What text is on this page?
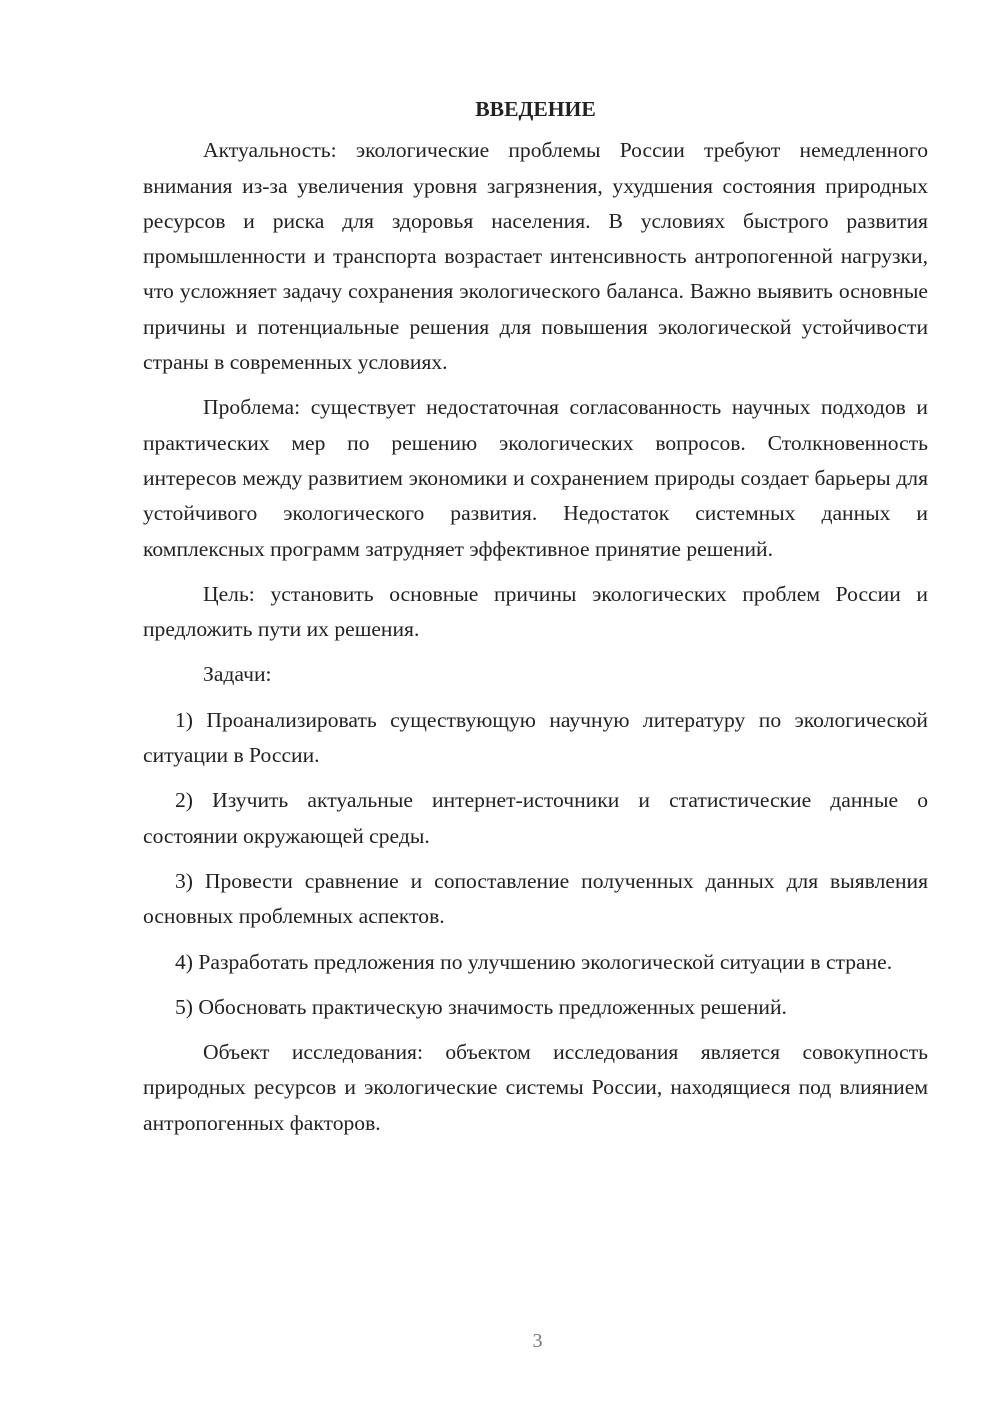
ВВЕДЕНИЕ

Актуальность: экологические проблемы России требуют немедленного внимания из-за увеличения уровня загрязнения, ухудшения состояния природных ресурсов и риска для здоровья населения. В условиях быстрого развития промышленности и транспорта возрастает интенсивность антропогенной нагрузки, что усложняет задачу сохранения экологического баланса. Важно выявить основные причины и потенциальные решения для повышения экологической устойчивости страны в современных условиях.

Проблема: существует недостаточная согласованность научных подходов и практических мер по решению экологических вопросов. Столкновенность интересов между развитием экономики и сохранением природы создает барьеры для устойчивого экологического развития. Недостаток системных данных и комплексных программ затрудняет эффективное принятие решений.

Цель: установить основные причины экологических проблем России и предложить пути их решения.

Задачи:

1) Проанализировать существующую научную литературу по экологической ситуации в России.

2) Изучить актуальные интернет-источники и статистические данные о состоянии окружающей среды.

3) Провести сравнение и сопоставление полученных данных для выявления основных проблемных аспектов.

4) Разработать предложения по улучшению экологической ситуации в стране.

5) Обосновать практическую значимость предложенных решений.

Объект исследования: объектом исследования является совокупность природных ресурсов и экологические системы России, находящиеся под влиянием антропогенных факторов.

3
